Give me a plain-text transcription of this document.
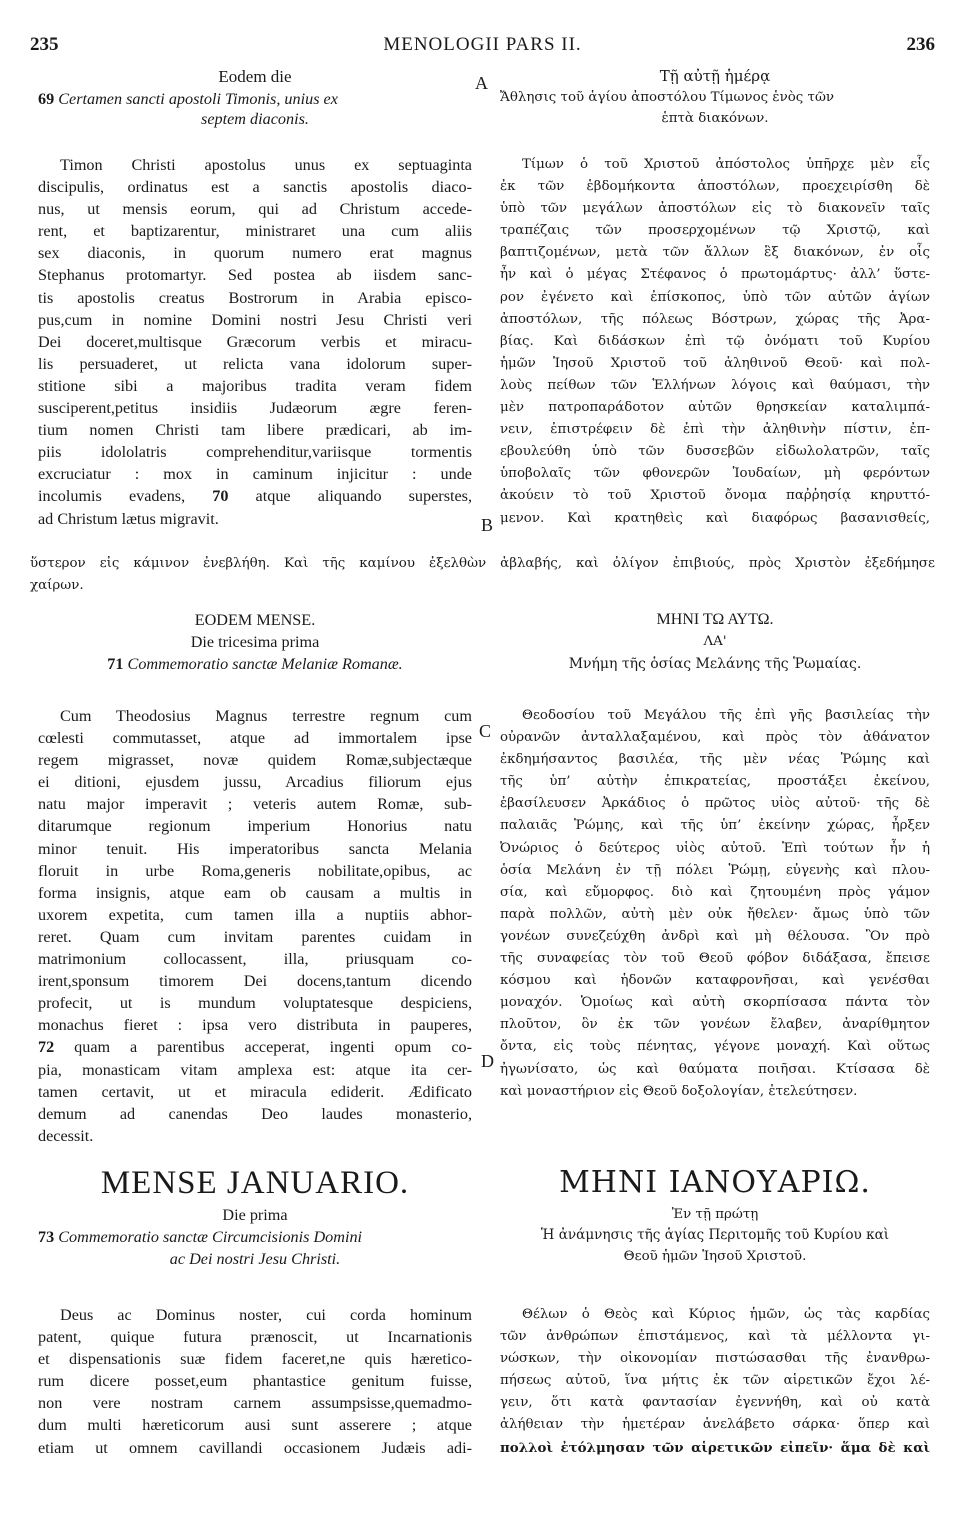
235	MENOLOGII PARS II.	236
A
B
C
D
Eodem die
69 Certamen sancti apostoli Timonis, unius ex
septem diaconis.
Τῇ αὐτῇ ἡμέρᾳ
Ἄθλησις τοῦ ἁγίου ἀποστόλου Τίμωνος ἑνὸς τῶν
ἑπτὰ διακόνων.
Timon Christi apostolus unus ex septuaginta
discipulis, ordinatus est a sanctis apostolis diaco-
nus, ut mensis eorum, qui ad Christum accede-
rent, et baptizarentur, ministraret una cum aliis
sex diaconis, in quorum numero erat magnus
Stephanus protomartyr. Sed postea ab iisdem sanc-
tis apostolis creatus Bostrorum in Arabia episco-
pus,cum in nomine Domini nostri Jesu Christi veri
Dei doceret,multisque Græcorum verbis et miracu-
lis persuaderet, ut relicta vana idolorum super-
stitione sibi a majoribus tradita veram fidem
susciperent,petitus insidiis Judæorum ægre feren-
tium nomen Christi tam libere prædicari, ab im-
piis idololatris comprehenditur,variisque tormentis
excruciatur : mox in caminum injicitur : unde
incolumis evadens, 70 atque aliquando superstes,
ad Christum lætus migravit.
Τίμων ὁ τοῦ Χριστοῦ ἀπόστολος ὑπῆρχε μὲν εἷς
ἐκ τῶν ἑβδομήκοντα ἀποστόλων, προεχειρίσθη δὲ
ὑπὸ τῶν μεγάλων ἀποστόλων εἰς τὸ διακονεῖν ταῖς
τραπέζαις τῶν προσερχομένων τῷ Χριστῷ, καὶ
βαπτιζομένων, μετὰ τῶν ἄλλων ἓξ διακόνων, ἐν οἷς
ἦν καὶ ὁ μέγας Στέφανος ὁ πρωτομάρτυς· ἀλλ’ ὕστε-
ρον ἐγένετο καὶ ἐπίσκοπος, ὑπὸ τῶν αὐτῶν ἁγίων
ἀποστόλων, τῆς πόλεως Βόστρων, χώρας τῆς Ἀρα-
βίας. Καὶ διδάσκων ἐπὶ τῷ ὀνόματι τοῦ Κυρίου
ἡμῶν Ἰησοῦ Χριστοῦ τοῦ ἀληθινοῦ Θεοῦ· καὶ πολ-
λοὺς πείθων τῶν Ἑλλήνων λόγοις καὶ θαύμασι, τὴν
μὲν πατροπαράδοτον αὐτῶν θρησκείαν καταλιμπά-
νειν, ἐπιστρέφειν δὲ ἐπὶ τὴν ἀληθινὴν πίστιν, ἐπ-
εβουλεύθη ὑπὸ τῶν δυσσεβῶν εἰδωλολατρῶν, ταῖς
ὑποβολαῖς τῶν φθονερῶν Ἰουδαίων, μὴ φερόντων
ἀκούειν τὸ τοῦ Χριστοῦ ὄνομα παῤῥησίᾳ κηρυττό-
μενον. Καὶ κρατηθεὶς καὶ διαφόρως βασανισθείς,
ὕστερον εἰς κάμινον ἐνεβλήθη. Καὶ τῆς καμίνου ἐξελθὼν ἀβλαβής, καὶ ὀλίγον ἐπιβιούς, πρὸς Χριστὸν ἐξεδήμησε
χαίρων.
EODEM MENSE.
Die tricesima prima
71 Commemoratio sanctæ Melaniæ Romanæ.
ΜΗΝΙ ΤΩ ΑΥΤΩ.
ΛΑ'
Μνήμη τῆς ὁσίας Μελάνης τῆς Ῥωμαίας.
Cum Theodosius Magnus terrestre regnum cum
cœlesti commutasset, atque ad immortalem ipse
regem migrasset, novæ quidem Romæ,subjectæque
ei ditioni, ejusdem jussu, Arcadius filiorum ejus
natu major imperavit ; veteris autem Romæ, sub-
ditarumque regionum imperium Honorius natu
minor tenuit. His imperatoribus sancta Melania
floruit in urbe Roma,generis nobilitate,opibus, ac
forma insignis, atque eam ob causam a multis in
uxorem expetita, cum tamen illa a nuptiis abhor-
reret. Quam cum invitam parentes cuidam in
matrimonium collocassent, illa, priusquam co-
irent,sponsum timorem Dei docens,tantum dicendo
profecit, ut is mundum voluptatesque despiciens,
monachus fieret : ipsa vero distributa in pauperes,
72 quam a parentibus acceperat, ingenti opum co-
pia, monasticam vitam amplexa est: atque ita cer-
tamen certavit, ut et miracula ediderit. Ædificato
demum ad canendas Deo laudes monasterio,
decessit.
Θεοδοσίου τοῦ Μεγάλου τῆς ἐπὶ γῆς βασιλείας τὴν
οὐρανῶν ἀνταλλαξαμένου, καὶ πρὸς τὸν ἀθάνατον
ἐκδημήσαντος βασιλέα, τῆς μὲν νέας Ῥώμης καὶ
τῆς ὑπ’ αὐτὴν ἐπικρατείας, προστάξει ἐκείνου,
ἐβασίλευσεν Ἀρκάδιος ὁ πρῶτος υἱὸς αὐτοῦ· τῆς δὲ
παλαιᾶς Ῥώμης, καὶ τῆς ὑπ’ ἐκείνην χώρας, ἦρξεν
Ὀνώριος ὁ δεύτερος υἱὸς αὐτοῦ. Ἐπὶ τούτων ἦν ἡ
ὁσία Μελάνη ἐν τῇ πόλει Ῥώμῃ, εὐγενὴς καὶ πλου-
σία, καὶ εὔμορφος. διὸ καὶ ζητουμένη πρὸς γάμον
παρὰ πολλῶν, αὐτὴ μὲν οὐκ ἤθελεν· ἄμως ὑπὸ τῶν
γονέων συνεζεύχθη ἀνδρὶ καὶ μὴ θέλουσα. Ὃν πρὸ
τῆς συναφείας τὸν τοῦ Θεοῦ φόβον διδάξασα, ἔπεισε
κόσμου καὶ ἡδονῶν καταφρονῆσαι, καὶ γενέσθαι
μοναχόν. Ὁμοίως καὶ αὐτὴ σκορπίσασα πάντα τὸν
πλοῦτον, ὃν ἐκ τῶν γονέων ἔλαβεν, ἀναρίθμητον
ὄντα, εἰς τοὺς πένητας, γέγονε μοναχή. Καὶ οὕτως
ἠγωνίσατο, ὡς καὶ θαύματα ποιῆσαι. Κτίσασα δὲ
καὶ μοναστήριον εἰς Θεοῦ δοξολογίαν, ἐτελεύτησεν.
MENSE JANUARIO.
Die prima
73 Commemoratio sanctæ Circumcisionis Domini
ac Dei nostri Jesu Christi.
ΜΗΝΙ ΙΑΝΟΥΑΡΙΩ.
Ἐν τῇ πρώτῃ
Ἡ ἀνάμνησις τῆς ἁγίας Περιτομῆς τοῦ Κυρίου καὶ
Θεοῦ ἡμῶν Ἰησοῦ Χριστοῦ.
Deus ac Dominus noster, cui corda hominum
patent, quique futura prænoscit, ut Incarnationis
et dispensationis suæ fidem faceret,ne quis hæretico-
rum dicere posset,eum phantastice genitum fuisse,
non vere nostram carnem assumpsisse,quemadmo-
dum multi hæreticorum ausi sunt asserere ; atque
etiam ut omnem cavillandi occasionem Judæis adi-
Θέλων ὁ Θεὸς καὶ Κύριος ἡμῶν, ὡς τὰς καρδίας
τῶν ἀνθρώπων ἐπιστάμενος, καὶ τὰ μέλλοντα γι-
νώσκων, τὴν οἰκονομίαν πιστώσασθαι τῆς ἐνανθρω-
πήσεως αὐτοῦ, ἵνα μήτις ἐκ τῶν αἱρετικῶν ἔχοι λέ-
γειν, ὅτι κατὰ φαντασίαν ἐγεννήθη, καὶ οὐ κατὰ
ἀλήθειαν τὴν ἡμετέραν ἀνελάβετο σάρκα· ὅπερ καὶ
πολλοὶ ἐτόλμησαν τῶν αἱρετικῶν εἰπεῖν· ἅμα δὲ καὶ
